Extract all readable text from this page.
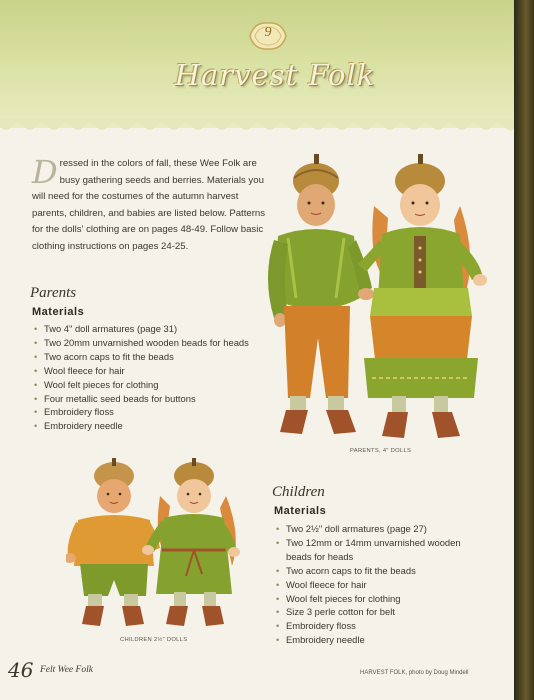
9
Harvest Folk
D ressed in the colors of fall, these Wee Folk are busy gathering seeds and berries. Materials you will need for the costumes of the autumn harvest parents, children, and babies are listed below. Patterns for the dolls' clothing are on pages 48-49. Follow basic clothing instructions on pages 24-25.
Parents
Materials
• Two 4" doll armatures (page 31)
• Two 20mm unvarnished wooden beads for heads
• Two acorn caps to fit the beads
• Wool fleece for hair
• Wool felt pieces for clothing
• Four metallic seed beads for buttons
• Embroidery floss
• Embroidery needle
PARENTS, 4" DOLLS
CHILDREN 2½" DOLLS
Children
Materials
• Two 2½" doll armatures (page 27)
• Two 12mm or 14mm unvarnished wooden beads for heads
• Two acorn caps to fit the beads
• Wool fleece for hair
• Wool felt pieces for clothing
• Size 3 perle cotton for belt
• Embroidery floss
• Embroidery needle
46 Felt Wee Folk	HARVEST FOLK, photo by Doug Mindell
